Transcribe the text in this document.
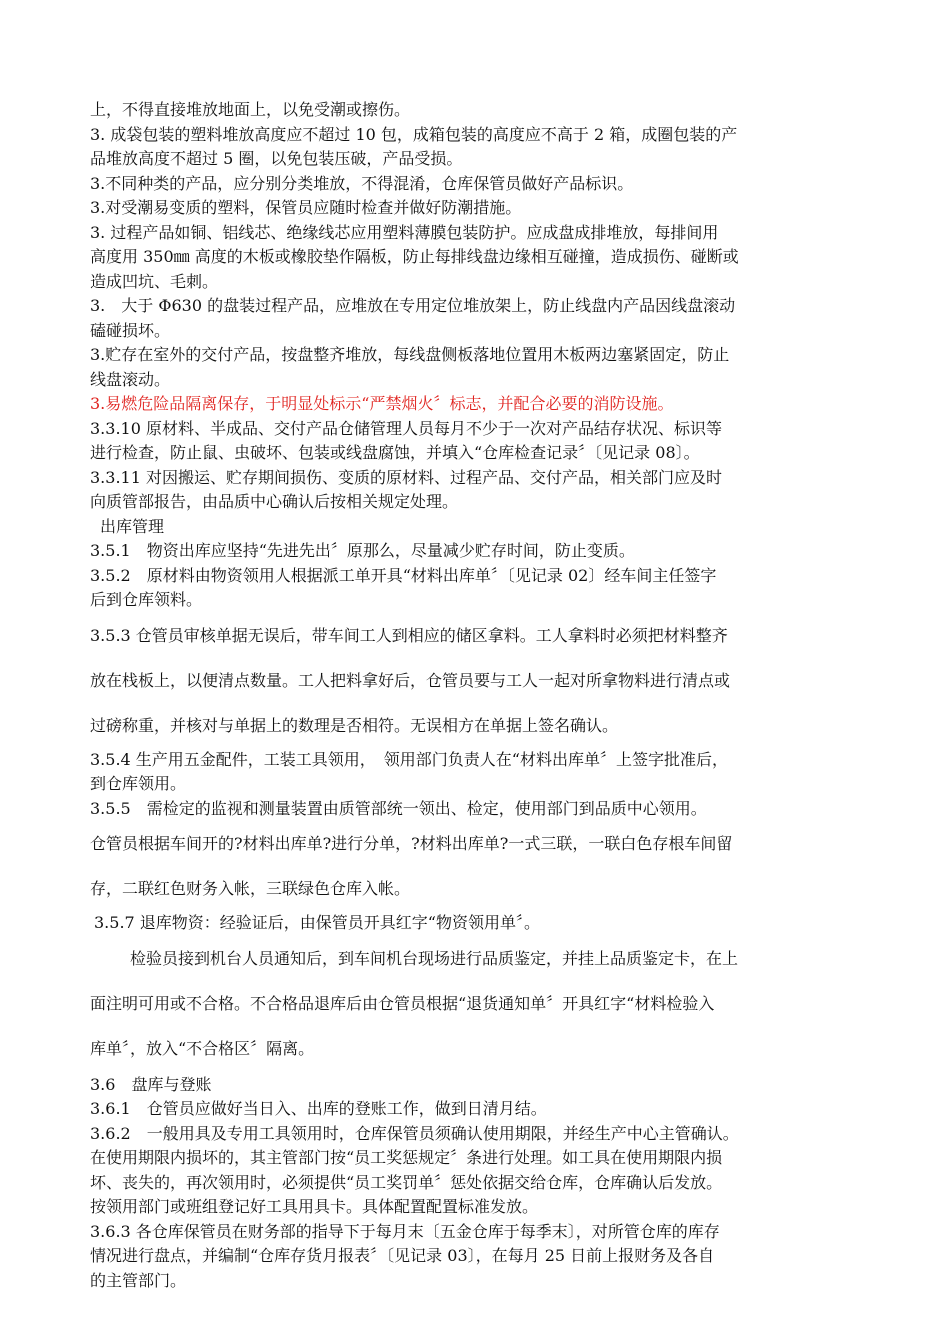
上，不得直接堆放地面上，以免受潮或擦伤。

3. 成袋包装的塑料堆放高度应不超过 10 包，成箱包装的高度应不高于 2 箱，成圈包装的产

品堆放高度不超过 5 圈，以免包装压破，产品受损。

3.不同种类的产品，应分别分类堆放，不得混淆，仓库保管员做好产品标识。

3.对受潮易变质的塑料，保管员应随时检查并做好防潮措施。

3. 过程产品如铜、铝线芯、绝缘线芯应用塑料薄膜包装防护。应成盘成排堆放，每排间用

高度用 350㎜ 高度的木板或橡胶垫作隔板，防止每排线盘边缘相互碰撞，造成损伤、碰断或

造成凹坑、毛刺。

3.　大于 Φ630 的盘装过程产品，应堆放在专用定位堆放架上，防止线盘内产品因线盘滚动

磕碰损坏。

3.贮存在室外的交付产品，按盘整齐堆放，每线盘侧板落地位置用木板两边塞紧固定，防止

线盘滚动。

3.易燃危险品隔离保存，于明显处标示“严禁烟火〞标志，并配合必要的消防设施。

3.3.10 原材料、半成品、交付产品仓储管理人员每月不少于一次对产品结存状况、标识等

进行检查，防止鼠、虫破坏、包装或线盘腐蚀，并填入“仓库检查记录〞〔见记录 08〕。

3.3.11 对因搬运、贮存期间损伤、变质的原材料、过程产品、交付产品，相关部门应及时

向质管部报告，由品质中心确认后按相关规定处理。

出库管理

3.5.1　物资出库应坚持“先进先出〞原那么，尽量减少贮存时间，防止变质。

3.5.2　原材料由物资领用人根据派工单开具“材料出库单〞〔见记录 02〕经车间主任签字

后到仓库领料。

3.5.3 仓管员审核单据无误后，带车间工人到相应的储区拿料。工人拿料时必须把材料整齐

放在栈板上，以便清点数量。工人把料拿好后，仓管员要与工人一起对所拿物料进行清点或

过磅称重，并核对与单据上的数理是否相符。无误相方在单据上签名确认。

3.5.4 生产用五金配件，工装工具领用，　领用部门负责人在“材料出库单〞上签字批准后，

到仓库领用。

3.5.5　需检定的监视和测量装置由质管部统一领出、检定，使用部门到品质中心领用。

仓管员根据车间开的?材料出库单?进行分单，?材料出库单?一式三联，一联白色存根车间留

存，二联红色财务入帐，三联绿色仓库入帐。

3.5.7 退库物资：经验证后，由保管员开具红字“物资领用单〞。

检验员接到机台人员通知后，到车间机台现场进行品质鉴定，并挂上品质鉴定卡，在上

面注明可用或不合格。不合格品退库后由仓管员根据“退货通知单〞开具红字“材料检验入

库单〞，放入“不合格区〞隔离。

3.6　盘库与登账

3.6.1　仓管员应做好当日入、出库的登账工作，做到日清月结。

3.6.2　一般用具及专用工具领用时，仓库保管员须确认使用期限，并经生产中心主管确认。

在使用期限内损坏的，其主管部门按“员工奖惩规定〞条进行处理。如工具在使用期限内损

坏、丧失的，再次领用时，必须提供“员工奖罚单〞惩处依据交给仓库，仓库确认后发放。

按领用部门或班组登记好工具用具卡。具体配置配置标准发放。

3.6.3 各仓库保管员在财务部的指导下于每月末〔五金仓库于每季末〕，对所管仓库的库存

情况进行盘点，并编制“仓库存货月报表〞〔见记录 03〕，在每月 25 日前上报财务及各自

的主管部门。
